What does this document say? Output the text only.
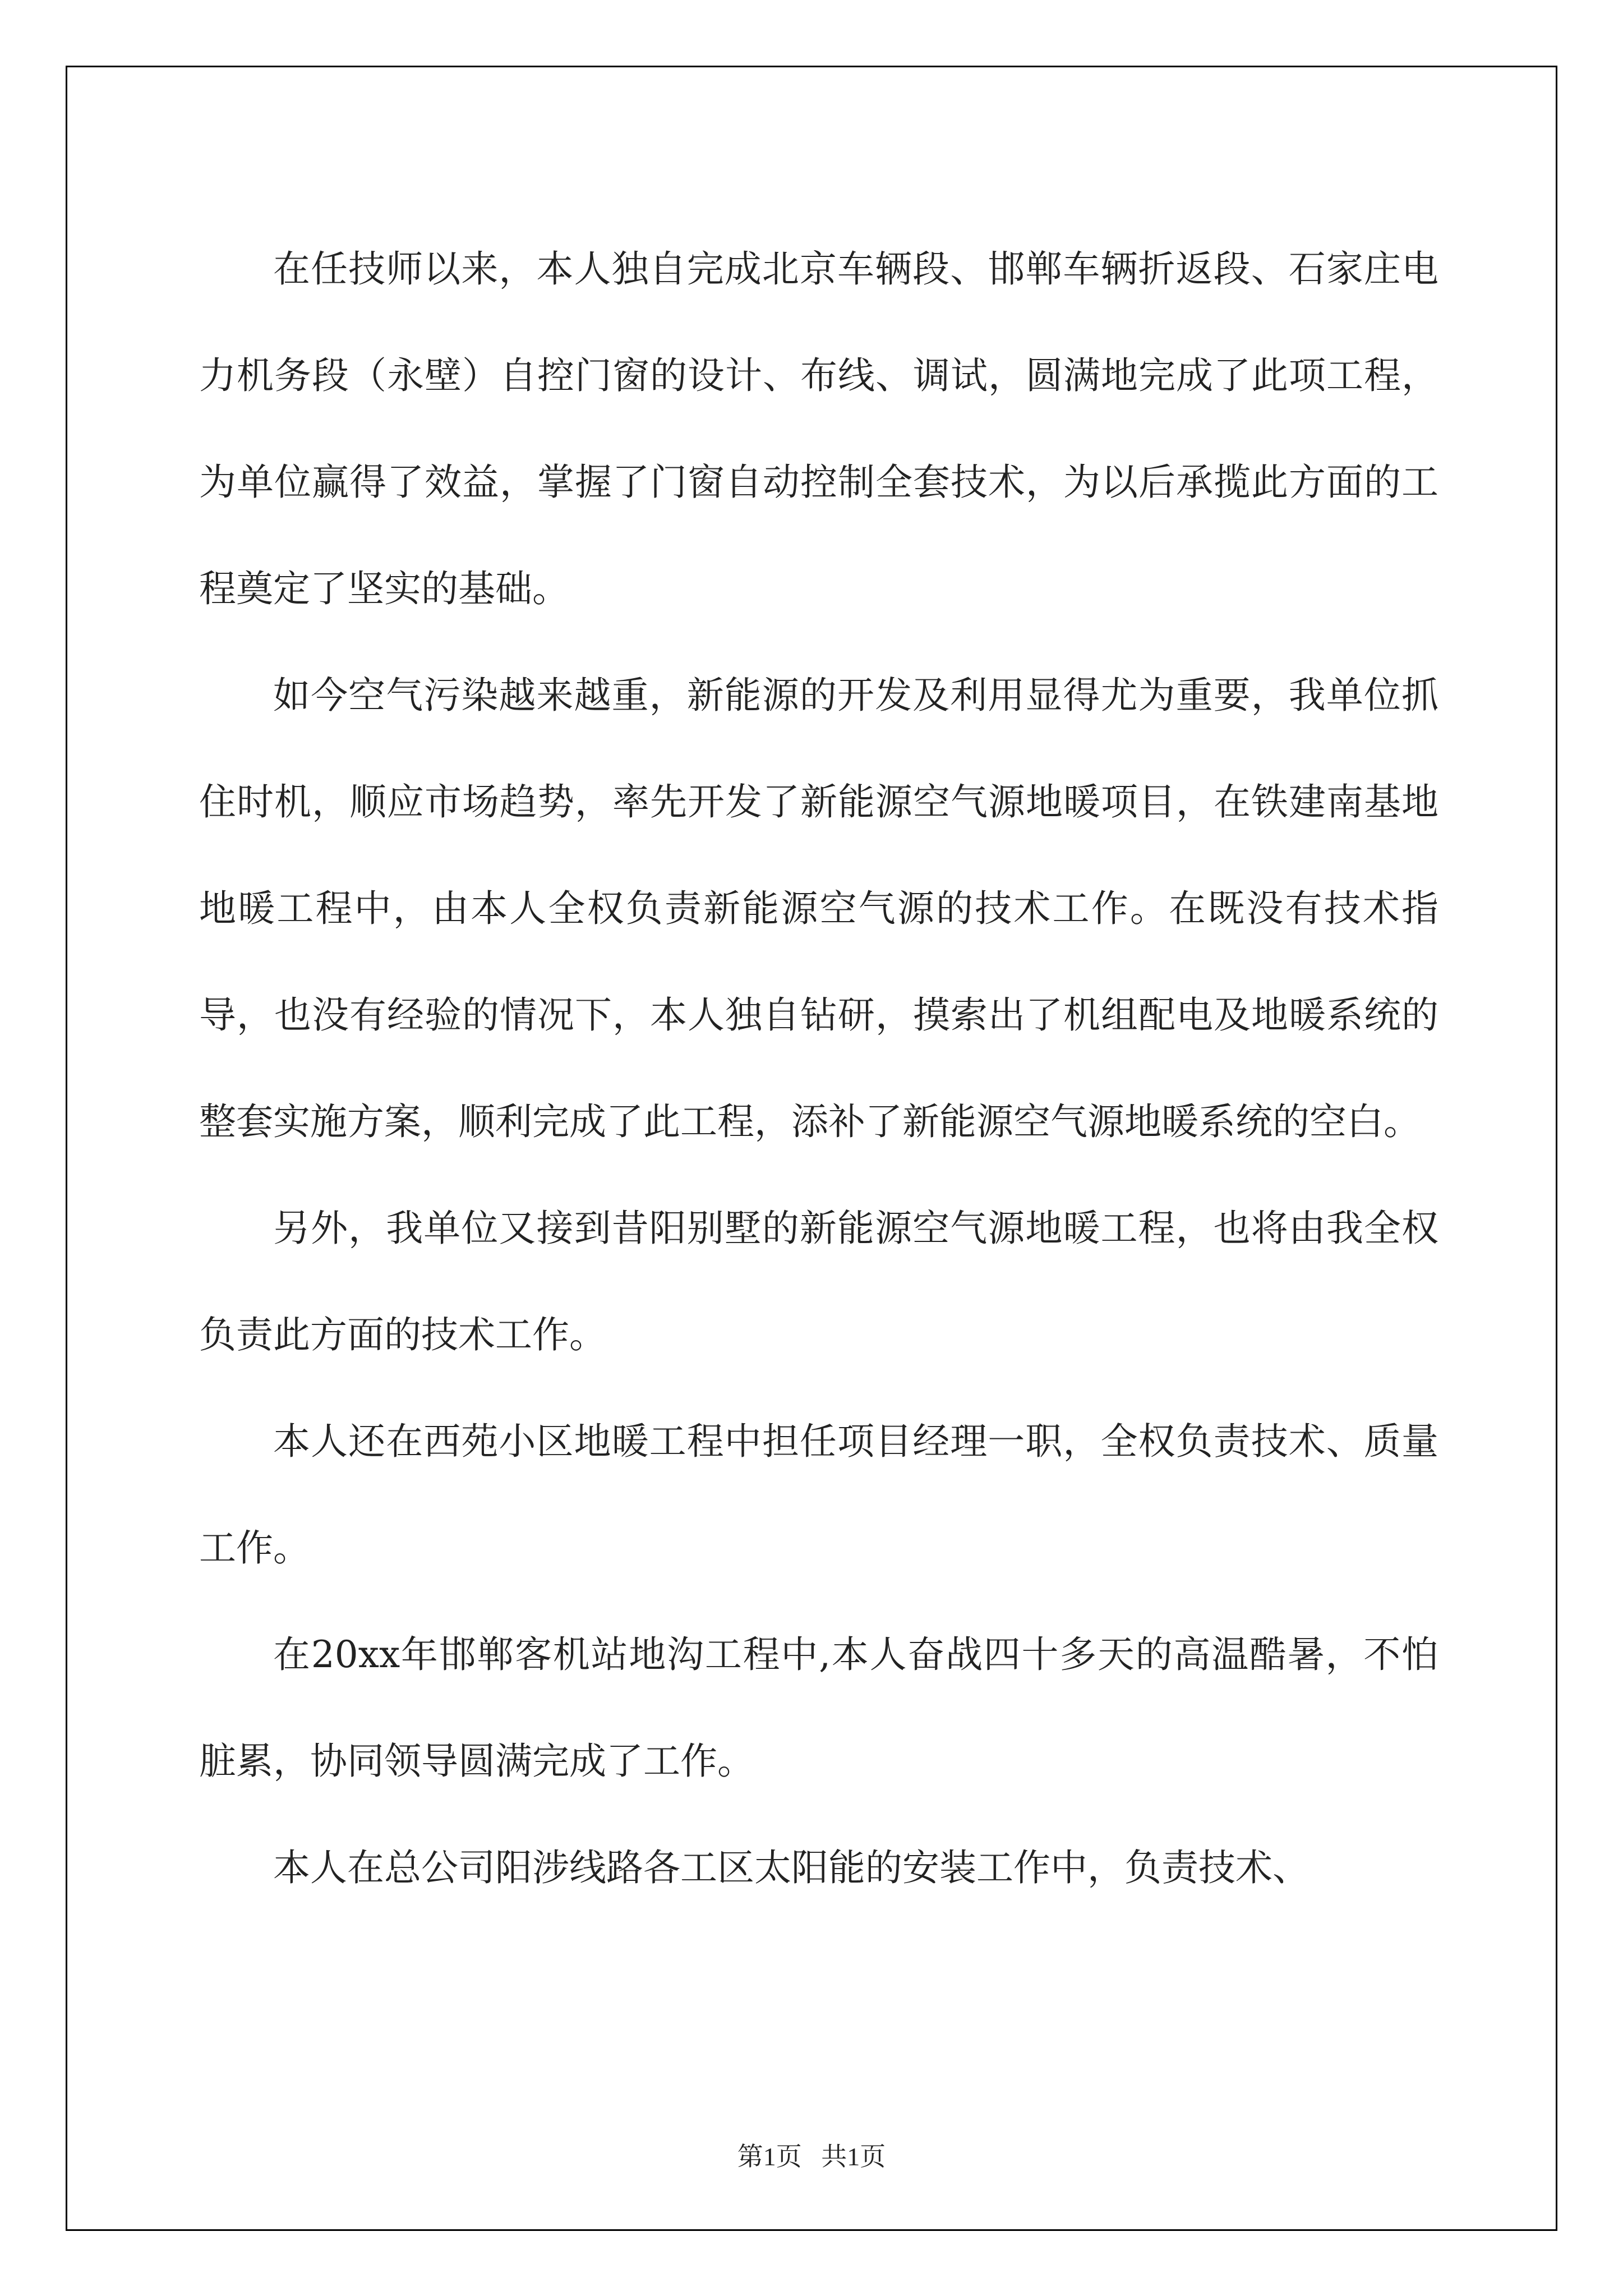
在任技师以来，本人独自完成北京车辆段、邯郸车辆折返段、石家庄电力机务段（永壁）自控门窗的设计、布线、调试，圆满地完成了此项工程，为单位赢得了效益，掌握了门窗自动控制全套技术，为以后承揽此方面的工程奠定了坚实的基础。

如今空气污染越来越重，新能源的开发及利用显得尤为重要，我单位抓住时机，顺应市场趋势，率先开发了新能源空气源地暖项目，在铁建南基地地暖工程中，由本人全权负责新能源空气源的技术工作。在既没有技术指导，也没有经验的情况下，本人独自钻研，摸索出了机组配电及地暖系统的整套实施方案，顺利完成了此工程，添补了新能源空气源地暖系统的空白。

另外，我单位又接到昔阳别墅的新能源空气源地暖工程，也将由我全权负责此方面的技术工作。

本人还在西苑小区地暖工程中担任项目经理一职，全权负责技术、质量工作。

在20xx年邯郸客机站地沟工程中,本人奋战四十多天的高温酷暑，不怕脏累，协同领导圆满完成了工作。

本人在总公司阳涉线路各工区太阳能的安装工作中，负责技术、

第1页 共1页
